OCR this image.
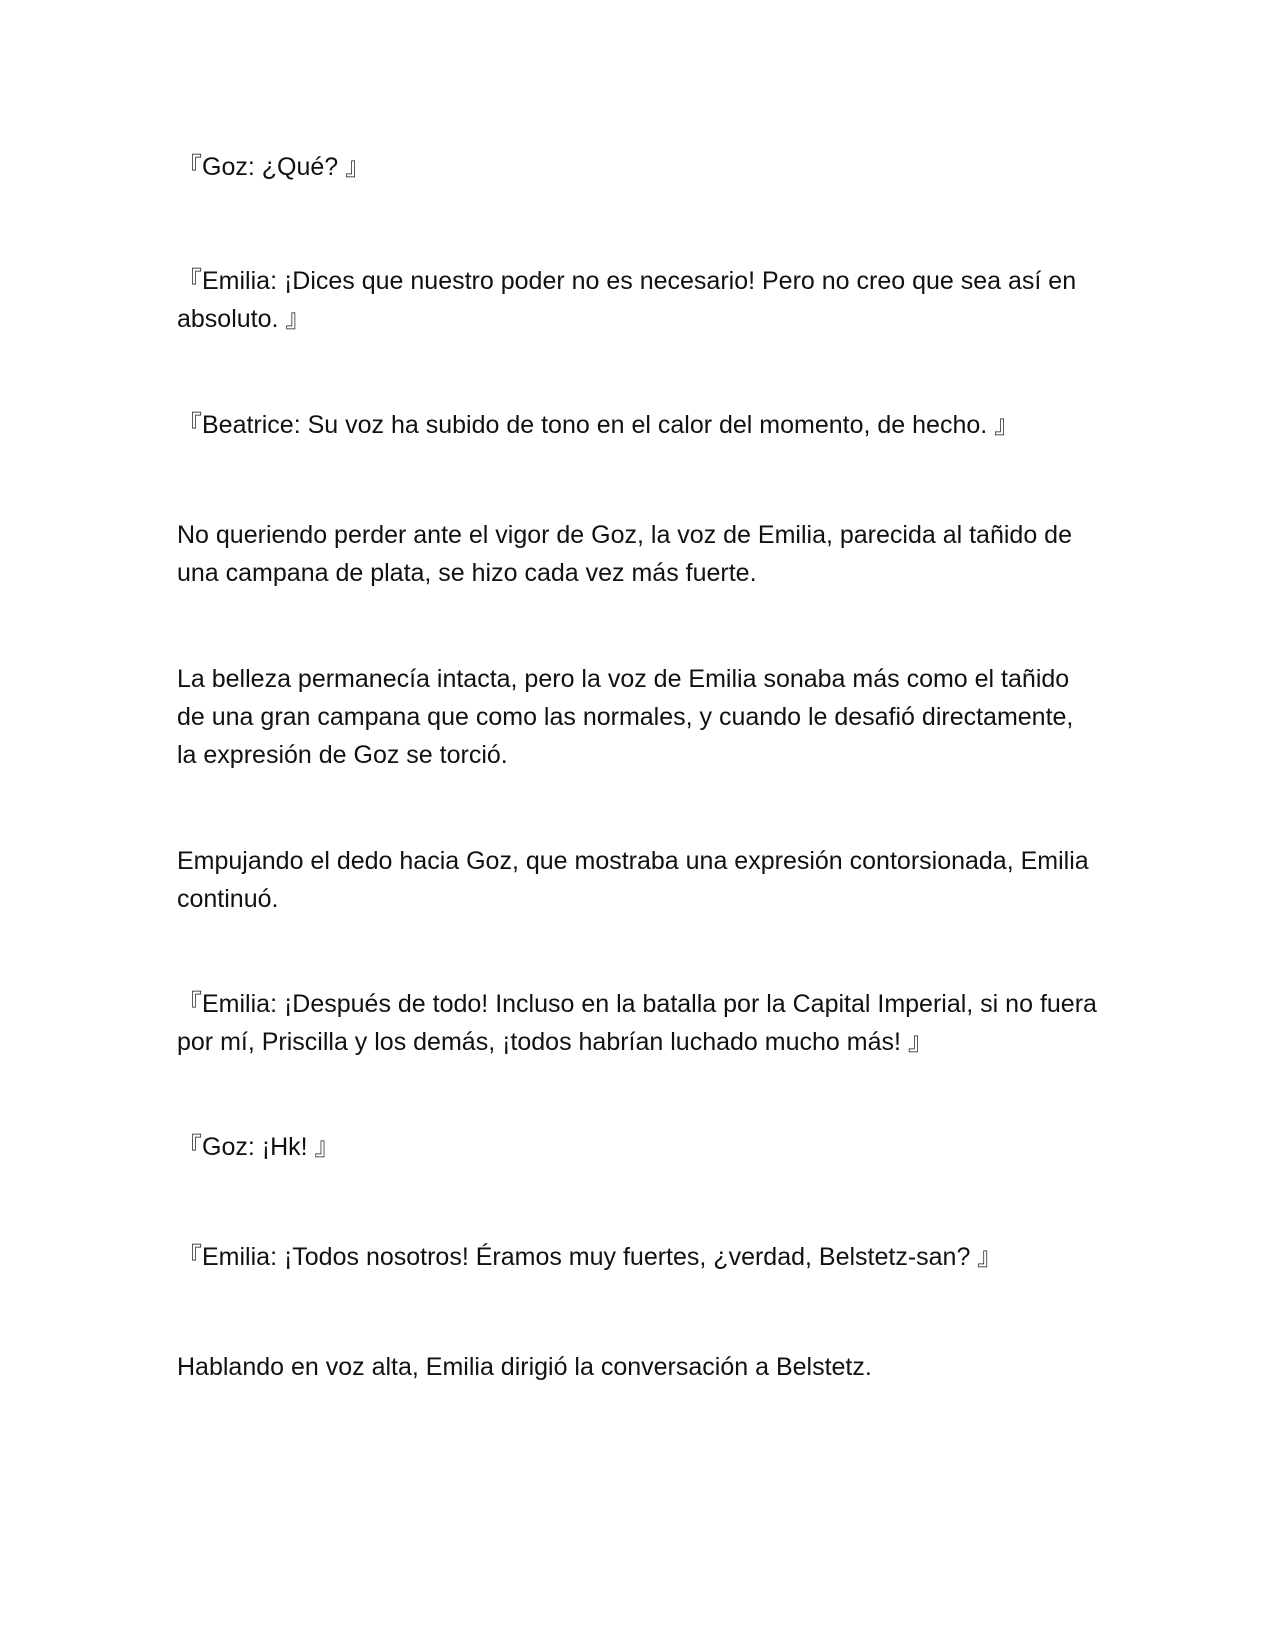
『Goz: ¿Qué? 』

『Emilia: ¡Dices que nuestro poder no es necesario! Pero no creo que sea así en absoluto. 』

『Beatrice: Su voz ha subido de tono en el calor del momento, de hecho. 』

No queriendo perder ante el vigor de Goz, la voz de Emilia, parecida al tañido de una campana de plata, se hizo cada vez más fuerte.

La belleza permanecía intacta, pero la voz de Emilia sonaba más como el tañido de una gran campana que como las normales, y cuando le desafió directamente, la expresión de Goz se torció.

Empujando el dedo hacia Goz, que mostraba una expresión contorsionada, Emilia continuó.

『Emilia: ¡Después de todo! Incluso en la batalla por la Capital Imperial, si no fuera por mí, Priscilla y los demás, ¡todos habrían luchado mucho más! 』

『Goz: ¡Hk! 』

『Emilia: ¡Todos nosotros! Éramos muy fuertes, ¿verdad, Belstetz-san? 』

Hablando en voz alta, Emilia dirigió la conversación a Belstetz.
